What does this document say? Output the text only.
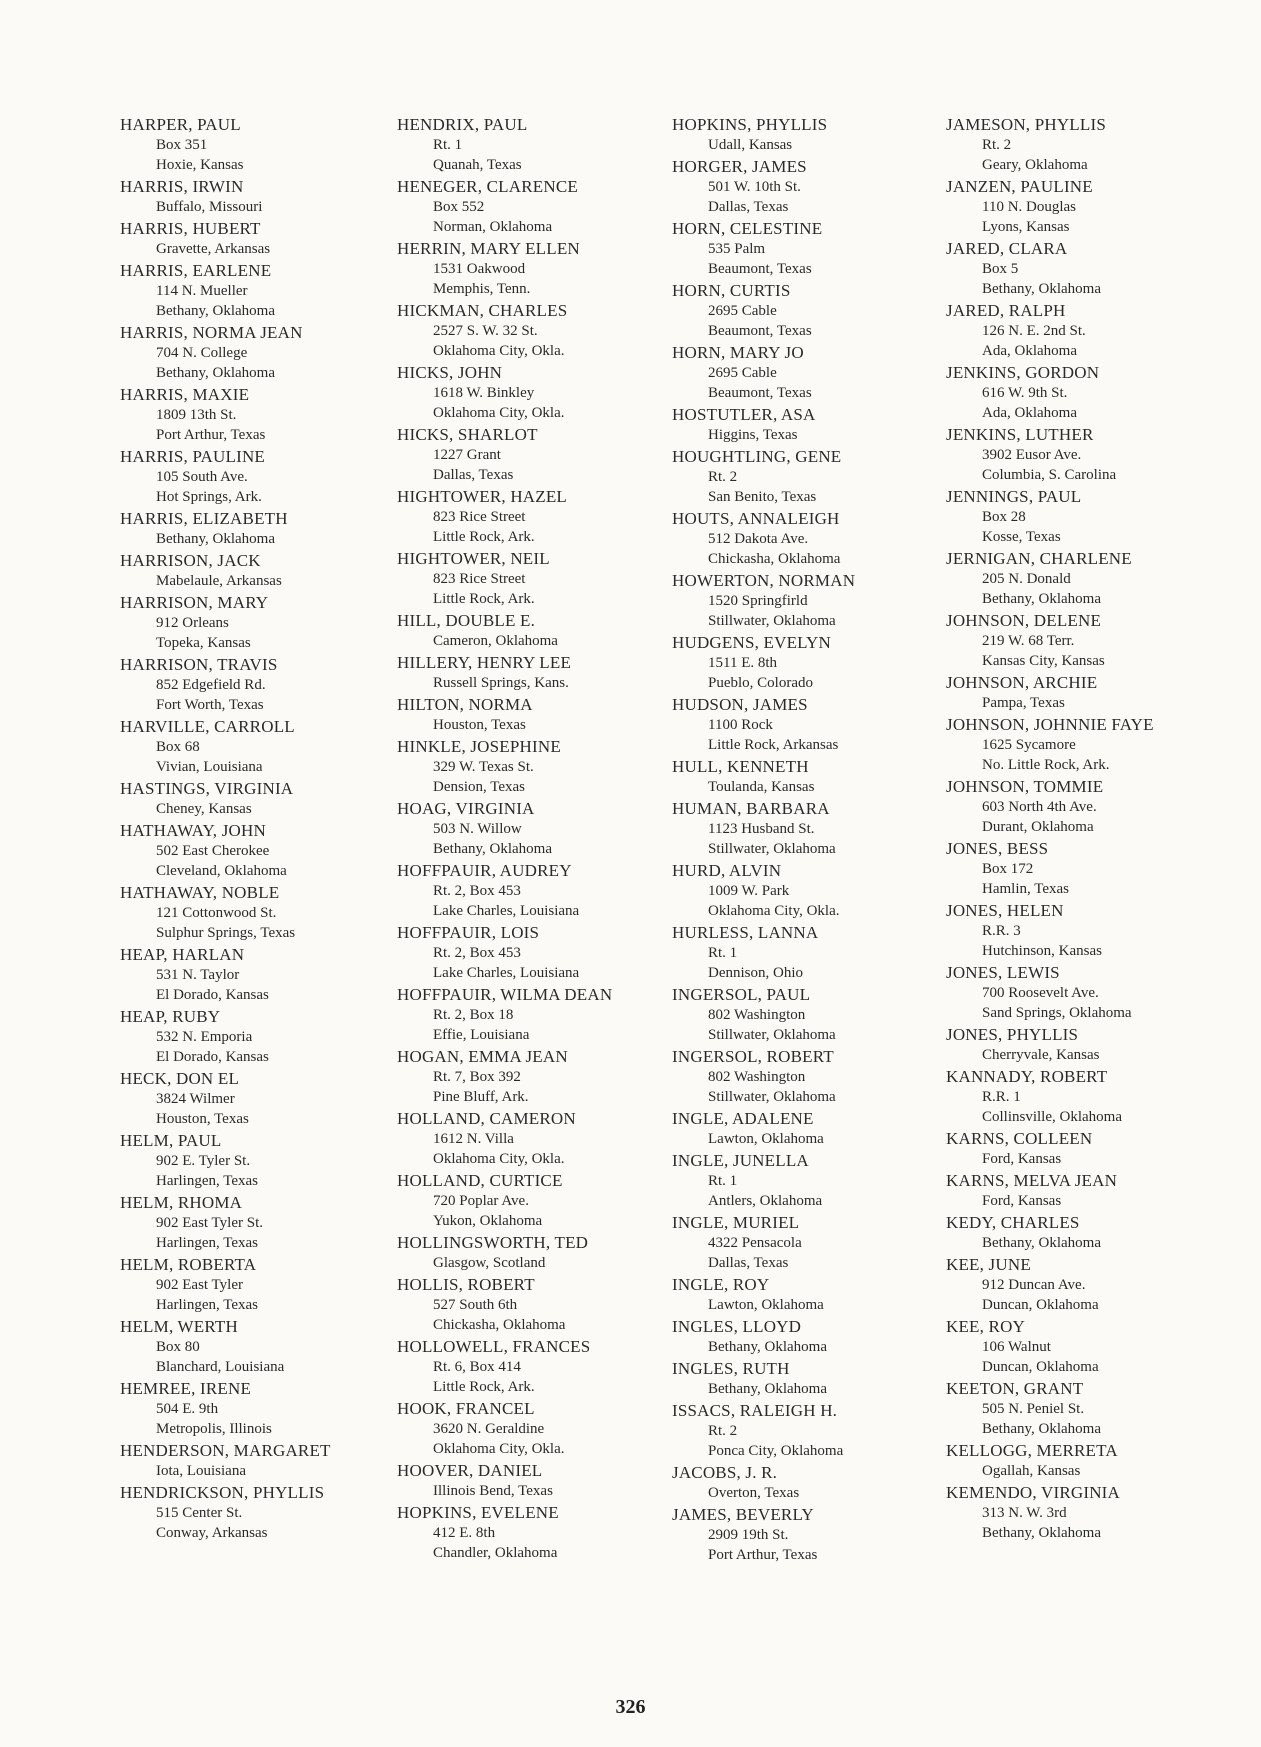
HARPER, PAUL
Box 351
Hoxie, Kansas
HARRIS, IRWIN
Buffalo, Missouri
HARRIS, HUBERT
Gravette, Arkansas
HARRIS, EARLENE
114 N. Mueller
Bethany, Oklahoma
HARRIS, NORMA JEAN
704 N. College
Bethany, Oklahoma
HARRIS, MAXIE
1809 13th St.
Port Arthur, Texas
HARRIS, PAULINE
105 South Ave.
Hot Springs, Ark.
HARRIS, ELIZABETH
Bethany, Oklahoma
HARRISON, JACK
Mabelaule, Arkansas
HARRISON, MARY
912 Orleans
Topeka, Kansas
HARRISON, TRAVIS
852 Edgefield Rd.
Fort Worth, Texas
HARVILLE, CARROLL
Box 68
Vivian, Louisiana
HASTINGS, VIRGINIA
Cheney, Kansas
HATHAWAY, JOHN
502 East Cherokee
Cleveland, Oklahoma
HATHAWAY, NOBLE
121 Cottonwood St.
Sulphur Springs, Texas
HEAP, HARLAN
531 N. Taylor
El Dorado, Kansas
HEAP, RUBY
532 N. Emporia
El Dorado, Kansas
HECK, DON EL
3824 Wilmer
Houston, Texas
HELM, PAUL
902 E. Tyler St.
Harlingen, Texas
HELM, RHOMA
902 East Tyler St.
Harlingen, Texas
HELM, ROBERTA
902 East Tyler
Harlingen, Texas
HELM, WERTH
Box 80
Blanchard, Louisiana
HEMREE, IRENE
504 E. 9th
Metropolis, Illinois
HENDERSON, MARGARET
Iota, Louisiana
HENDRICKSON, PHYLLIS
515 Center St.
Conway, Arkansas
HENDRIX, PAUL
Rt. 1
Quanah, Texas
HENEGER, CLARENCE
Box 552
Norman, Oklahoma
HERRIN, MARY ELLEN
1531 Oakwood
Memphis, Tenn.
HICKMAN, CHARLES
2527 S. W. 32 St.
Oklahoma City, Okla.
HICKS, JOHN
1618 W. Binkley
Oklahoma City, Okla.
HICKS, SHARLOT
1227 Grant
Dallas, Texas
HIGHTOWER, HAZEL
823 Rice Street
Little Rock, Ark.
HIGHTOWER, NEIL
823 Rice Street
Little Rock, Ark.
HILL, DOUBLE E.
Cameron, Oklahoma
HILLERY, HENRY LEE
Russell Springs, Kans.
HILTON, NORMA
Houston, Texas
HINKLE, JOSEPHINE
329 W. Texas St.
Dension, Texas
HOAG, VIRGINIA
503 N. Willow
Bethany, Oklahoma
HOFFPAUIR, AUDREY
Rt. 2, Box 453
Lake Charles, Louisiana
HOFFPAUIR, LOIS
Rt. 2, Box 453
Lake Charles, Louisiana
HOFFPAUIR, WILMA DEAN
Rt. 2, Box 18
Effie, Louisiana
HOGAN, EMMA JEAN
Rt. 7, Box 392
Pine Bluff, Ark.
HOLLAND, CAMERON
1612 N. Villa
Oklahoma City, Okla.
HOLLAND, CURTICE
720 Poplar Ave.
Yukon, Oklahoma
HOLLINGSWORTH, TED
Glasgow, Scotland
HOLLIS, ROBERT
527 South 6th
Chickasha, Oklahoma
HOLLOWELL, FRANCES
Rt. 6, Box 414
Little Rock, Ark.
HOOK, FRANCEL
3620 N. Geraldine
Oklahoma City, Okla.
HOOVER, DANIEL
Illinois Bend, Texas
HOPKINS, EVELENE
412 E. 8th
Chandler, Oklahoma
HOPKINS, PHYLLIS
Udall, Kansas
HORGER, JAMES
501 W. 10th St.
Dallas, Texas
HORN, CELESTINE
535 Palm
Beaumont, Texas
HORN, CURTIS
2695 Cable
Beaumont, Texas
HORN, MARY JO
2695 Cable
Beaumont, Texas
HOSTUTLER, ASA
Higgins, Texas
HOUGHTLING, GENE
Rt. 2
San Benito, Texas
HOUTS, ANNALEIGH
512 Dakota Ave.
Chickasha, Oklahoma
HOWERTON, NORMAN
1520 Springfirld
Stillwater, Oklahoma
HUDGENS, EVELYN
1511 E. 8th
Pueblo, Colorado
HUDSON, JAMES
1100 Rock
Little Rock, Arkansas
HULL, KENNETH
Toulanda, Kansas
HUMAN, BARBARA
1123 Husband St.
Stillwater, Oklahoma
HURD, ALVIN
1009 W. Park
Oklahoma City, Okla.
HURLESS, LANNA
Rt. 1
Dennison, Ohio
INGERSOL, PAUL
802 Washington
Stillwater, Oklahoma
INGERSOL, ROBERT
802 Washington
Stillwater, Oklahoma
INGLE, ADALENE
Lawton, Oklahoma
INGLE, JUNELLA
Rt. 1
Antlers, Oklahoma
INGLE, MURIEL
4322 Pensacola
Dallas, Texas
INGLE, ROY
Lawton, Oklahoma
INGLES, LLOYD
Bethany, Oklahoma
INGLES, RUTH
Bethany, Oklahoma
ISSACS, RALEIGH H.
Rt. 2
Ponca City, Oklahoma
JACOBS, J. R.
Overton, Texas
JAMES, BEVERLY
2909 19th St.
Port Arthur, Texas
JAMESON, PHYLLIS
Rt. 2
Geary, Oklahoma
JANZEN, PAULINE
110 N. Douglas
Lyons, Kansas
JARED, CLARA
Box 5
Bethany, Oklahoma
JARED, RALPH
126 N. E. 2nd St.
Ada, Oklahoma
JENKINS, GORDON
616 W. 9th St.
Ada, Oklahoma
JENKINS, LUTHER
3902 Eusor Ave.
Columbia, S. Carolina
JENNINGS, PAUL
Box 28
Kosse, Texas
JERNIGAN, CHARLENE
205 N. Donald
Bethany, Oklahoma
JOHNSON, DELENE
219 W. 68 Terr.
Kansas City, Kansas
JOHNSON, ARCHIE
Pampa, Texas
JOHNSON, JOHNNIE FAYE
1625 Sycamore
No. Little Rock, Ark.
JOHNSON, TOMMIE
603 North 4th Ave.
Durant, Oklahoma
JONES, BESS
Box 172
Hamlin, Texas
JONES, HELEN
R.R. 3
Hutchinson, Kansas
JONES, LEWIS
700 Roosevelt Ave.
Sand Springs, Oklahoma
JONES, PHYLLIS
Cherryvale, Kansas
KANNADY, ROBERT
R.R. 1
Collinsville, Oklahoma
KARNS, COLLEEN
Ford, Kansas
KARNS, MELVA JEAN
Ford, Kansas
KEDY, CHARLES
Bethany, Oklahoma
KEE, JUNE
912 Duncan Ave.
Duncan, Oklahoma
KEE, ROY
106 Walnut
Duncan, Oklahoma
KEETON, GRANT
505 N. Peniel St.
Bethany, Oklahoma
KELLOGG, MERRETA
Ogallah, Kansas
KEMENDO, VIRGINIA
313 N. W. 3rd
Bethany, Oklahoma
326
